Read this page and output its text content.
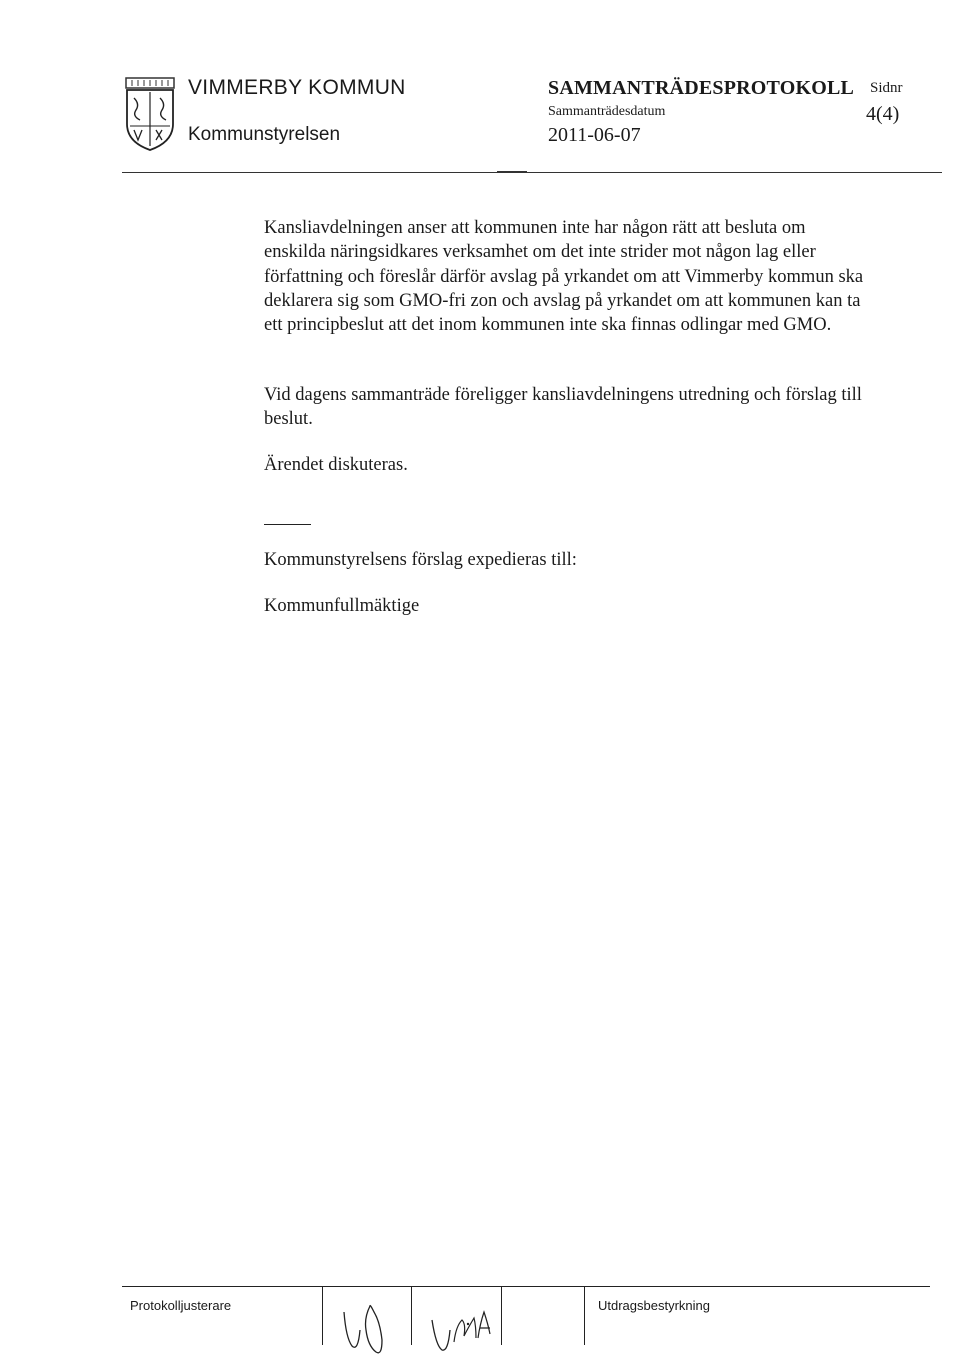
VIMMERBY KOMMUN
Kommunstyrelsen
SAMMANTRÄDESPROTOKOLL
Sammanträdesdatum
2011-06-07
Sidnr
4(4)

Kansliavdelningen anser att kommunen inte har någon rätt att besluta om enskilda näringsidkares verksamhet om det inte strider mot någon lag eller författning och föreslår därför avslag på yrkandet om att Vimmerby kommun ska deklarera sig som GMO-fri zon och avslag på yrkandet om att kommunen kan ta ett principbeslut att det inom kommunen inte ska finnas odlingar med GMO.

Vid dagens sammanträde föreligger kansliavdelningens utredning och förslag till beslut.

Ärendet diskuteras.

Kommunstyrelsens förslag expedieras till:

Kommunfullmäktige

Protokolljusterare	Utdragsbestyrkning
